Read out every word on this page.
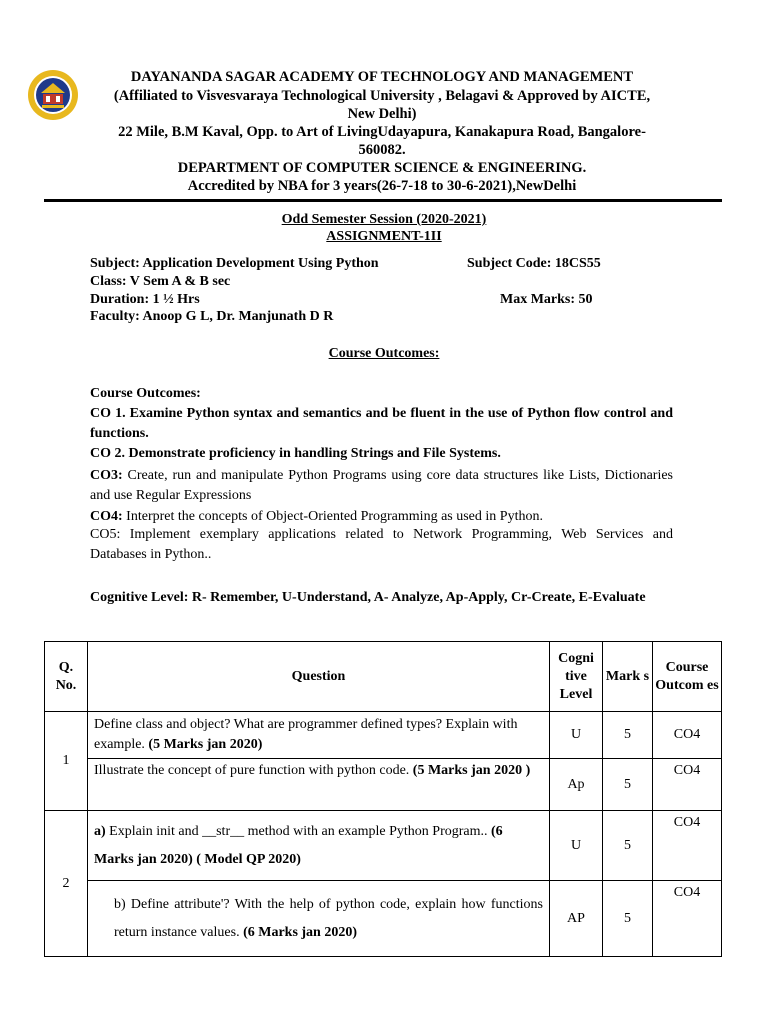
DAYANANDA SAGAR ACADEMY OF TECHNOLOGY AND MANAGEMENT
(Affiliated to Visvesvaraya Technological University , Belagavi & Approved by AICTE,
New Delhi)
22 Mile, B.M Kaval, Opp. to Art of LivingUdayapura, Kanakapura Road, Bangalore-
560082.
DEPARTMENT OF COMPUTER SCIENCE & ENGINEERING.
Accredited by NBA for 3 years(26-7-18 to 30-6-2021),NewDelhi
Odd Semester Session (2020-2021)
ASSIGNMENT-1II
Subject: Application Development Using Python	Subject Code: 18CS55
Class: V Sem A & B sec
Duration: 1 ½ Hrs	Max Marks: 50
Faculty: Anoop G L, Dr. Manjunath D R
Course Outcomes:
Course Outcomes:
CO 1. Examine Python syntax and semantics and be fluent in the use of Python flow control and functions.
CO 2. Demonstrate proficiency in handling Strings and File Systems.
CO3: Create, run and manipulate Python Programs using core data structures like Lists, Dictionaries and use Regular Expressions
CO4: Interpret the concepts of Object-Oriented Programming as used in Python.
CO5: Implement exemplary applications related to Network Programming, Web Services and Databases in Python..
Cognitive Level: R- Remember, U-Understand, A- Analyze, Ap-Apply, Cr-Create, E-Evaluate
Q. No.	Question	Cogni tive Level	Mark s	Course Outcom es
1	Define class and object? What are programmer defined types? Explain with example. (5 Marks jan 2020)	U	5	CO4
	Illustrate the concept of pure function with python code. (5 Marks jan 2020 )	Ap	5	CO4
2	a) Explain init and __str__ method with an example Python Program.. (6 Marks jan 2020) ( Model QP 2020)	U	5	CO4
	b) Define attribute'? With the help of python code, explain how functions return instance values. (6 Marks jan 2020)	AP	5	CO4
